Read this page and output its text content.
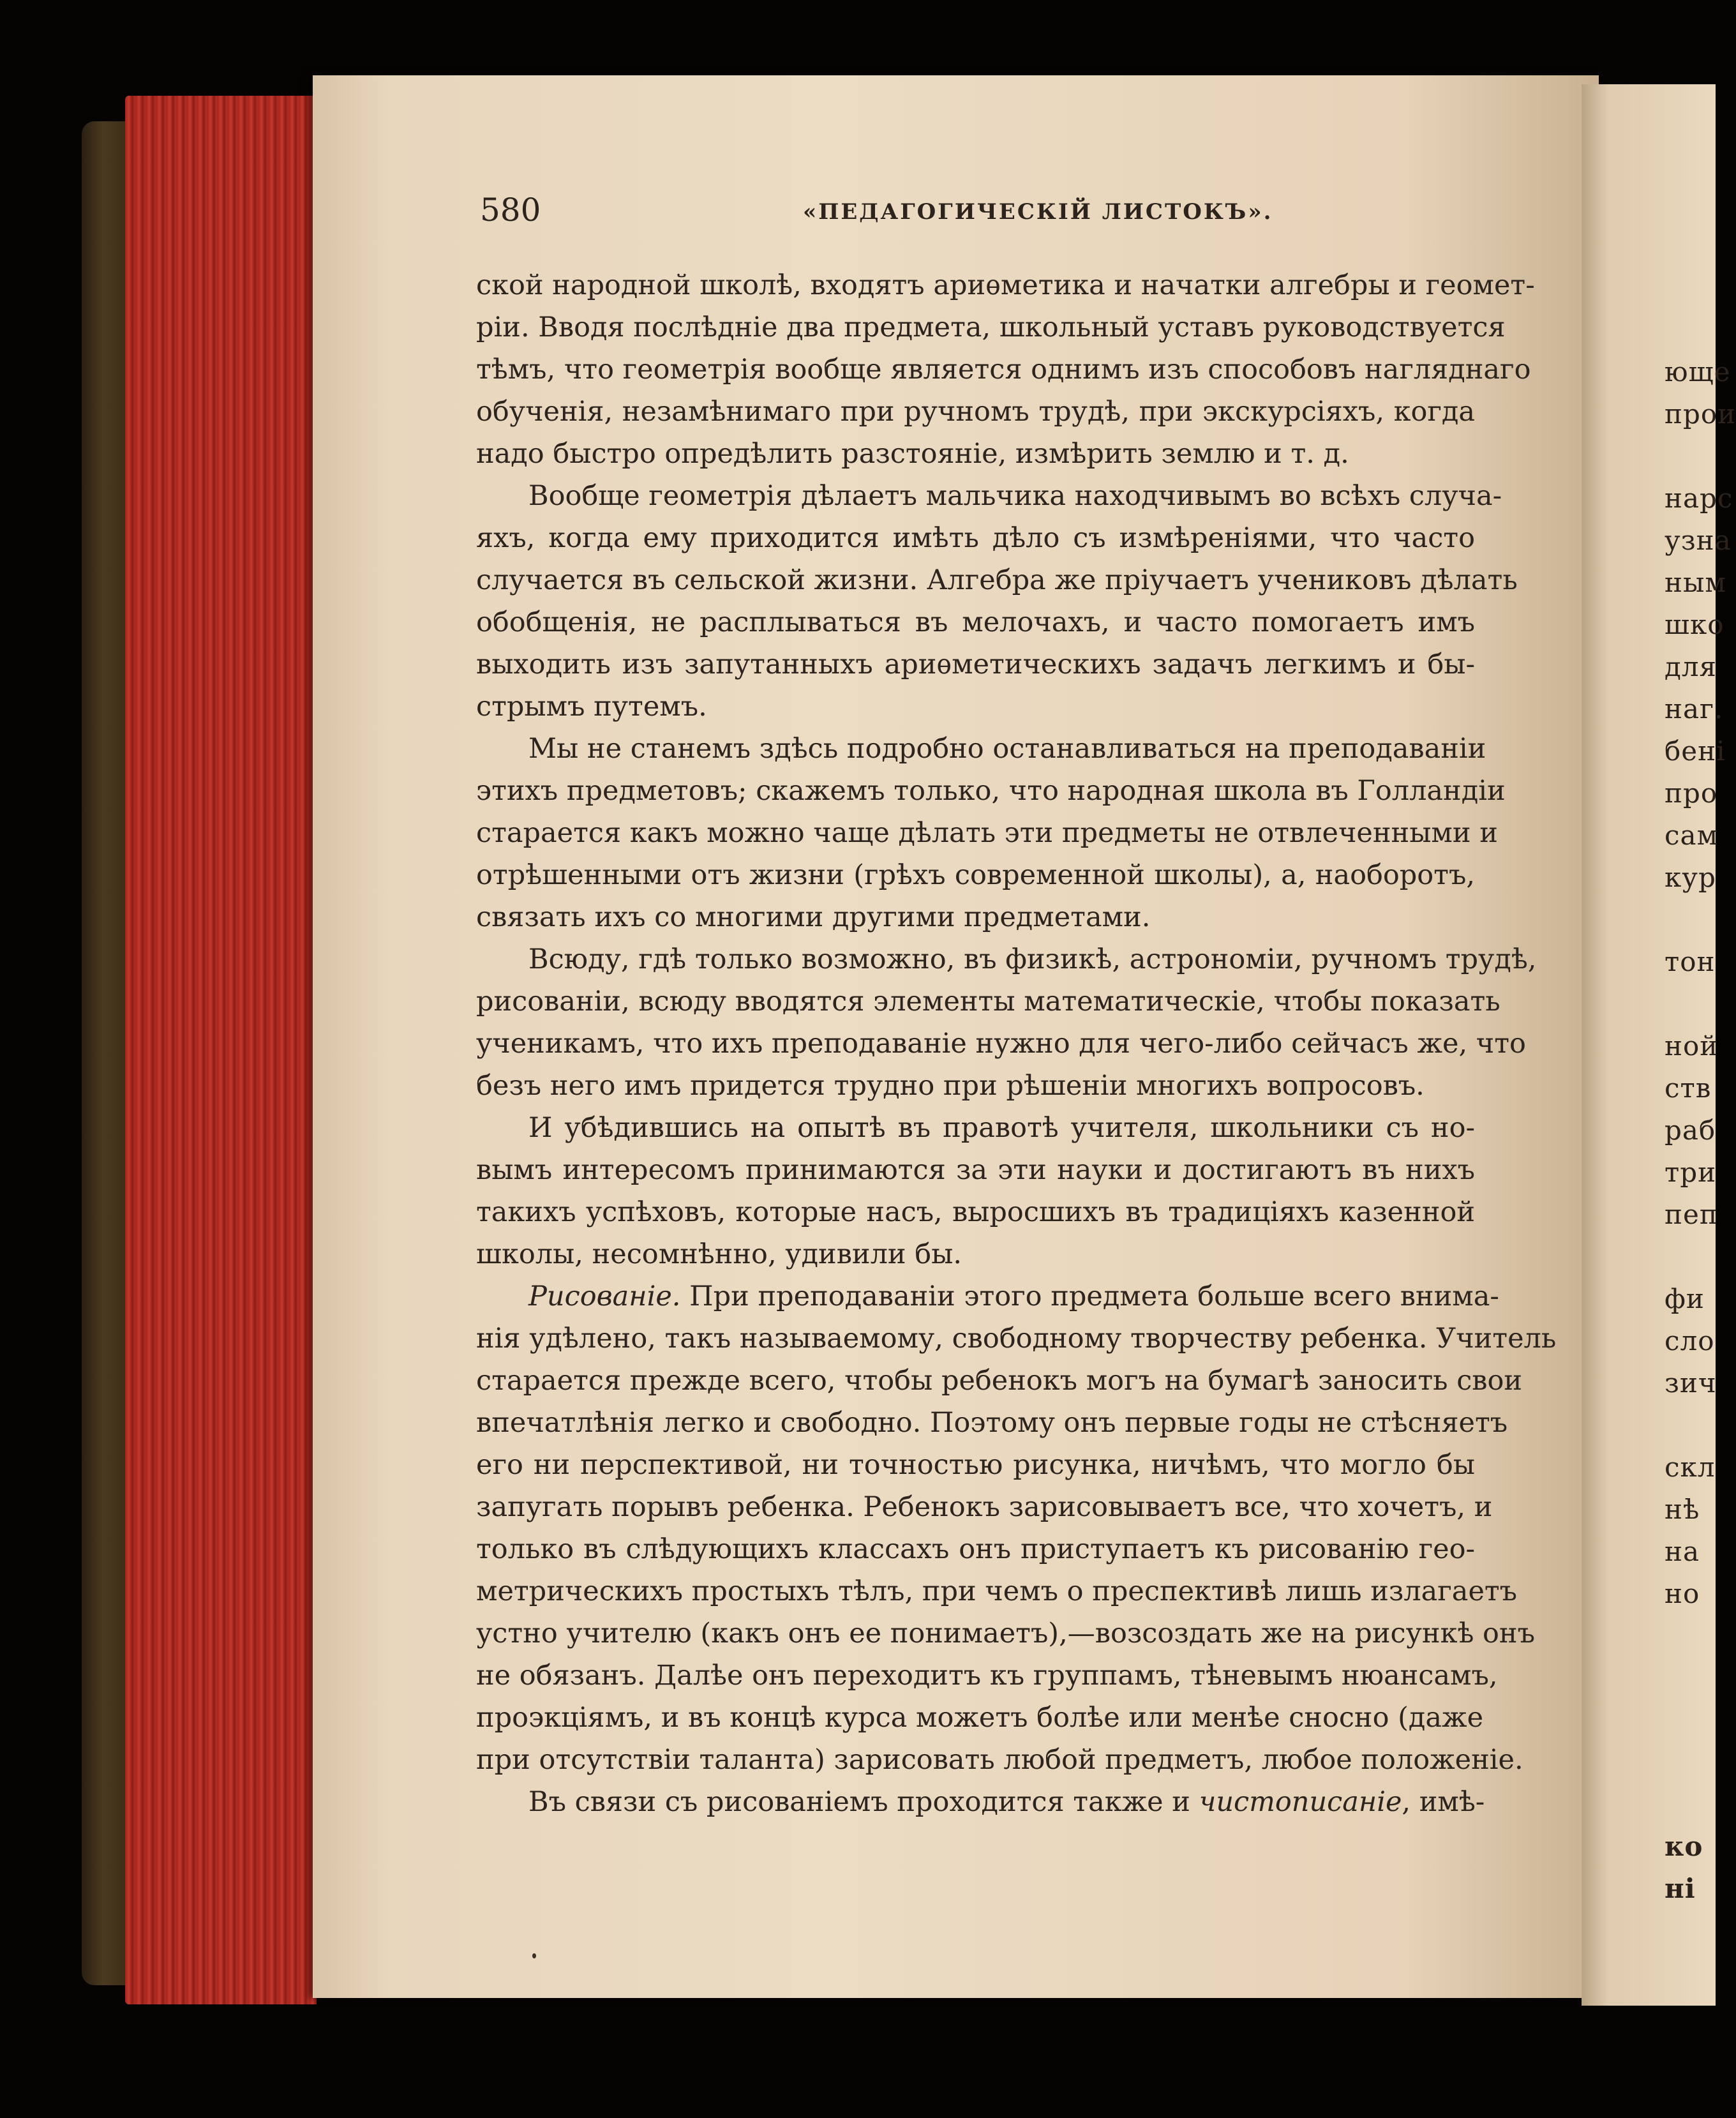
580	«ПЕДАГОГИЧЕСКІЙ ЛИСТОКЪ».
ской народной школѣ, входятъ ариѳметика и начатки алгебры и геомет-
ріи. Вводя послѣдніе два предмета, школьный уставъ руководствуется
тѣмъ, что геометрія вообще является однимъ изъ способовъ нагляднаго
обученія, незамѣнимаго при ручномъ трудѣ, при экскурсіяхъ, когда
надо быстро опредѣлить разстояніе, измѣрить землю и т. д.
Вообще геометрія дѣлаетъ мальчика находчивымъ во всѣхъ случа-
яхъ, когда ему приходится имѣть дѣло съ измѣреніями, что часто
случается въ сельской жизни. Алгебра же пріучаетъ учениковъ дѣлать
обобщенія, не расплываться въ мелочахъ, и часто помогаетъ имъ
выходить изъ запутанныхъ ариѳметическихъ задачъ легкимъ и бы-
стрымъ путемъ.
Мы не станемъ здѣсь подробно останавливаться на преподаваніи
этихъ предметовъ; скажемъ только, что народная школа въ Голландіи
старается какъ можно чаще дѣлать эти предметы не отвлеченными и
отрѣшенными отъ жизни (грѣхъ современной школы), а, наоборотъ,
связать ихъ со многими другими предметами.
Всюду, гдѣ только возможно, въ физикѣ, астрономіи, ручномъ трудѣ,
рисованіи, всюду вводятся элементы математическіе, чтобы показать
ученикамъ, что ихъ преподаваніе нужно для чего-либо сейчасъ же, что
безъ него имъ придется трудно при рѣшеніи многихъ вопросовъ.
И убѣдившись на опытѣ въ правотѣ учителя, школьники съ но-
вымъ интересомъ принимаются за эти науки и достигаютъ въ нихъ
такихъ успѣховъ, которые насъ, выросшихъ въ традиціяхъ казенной
школы, несомнѣнно, удивили бы.
Рисованіе. При преподаваніи этого предмета больше всего внима-
нія удѣлено, такъ называемому, свободному творчеству ребенка. Учитель
старается прежде всего, чтобы ребенокъ могъ на бумагѣ заносить свои
впечатлѣнія легко и свободно. Поэтому онъ первые годы не стѣсняетъ
его ни перспективой, ни точностью рисунка, ничѣмъ, что могло бы
запугать порывъ ребенка. Ребенокъ зарисовываетъ все, что хочетъ, и
только въ слѣдующихъ классахъ онъ приступаетъ къ рисованію гео-
метрическихъ простыхъ тѣлъ, при чемъ о преспективѣ лишь излагаетъ
устно учителю (какъ онъ ее понимаетъ),—возсоздать же на рисункѣ онъ
не обязанъ. Далѣе онъ переходитъ къ группамъ, тѣневымъ нюансамъ,
проэкціямъ, и въ концѣ курса можетъ болѣе или менѣе сносно (даже
при отсутствіи таланта) зарисовать любой предметъ, любое положеніе.
Въ связи съ рисованіемъ проходится также и чистописаніе, имѣ-
юще
прои
нарс
узна
ным
шко
для
наг.
бені
про
сам
кур
тон
ной
ств
раб
три
пеп
фи
сло
зич
скл
нѣ
на
но
ко
ні
